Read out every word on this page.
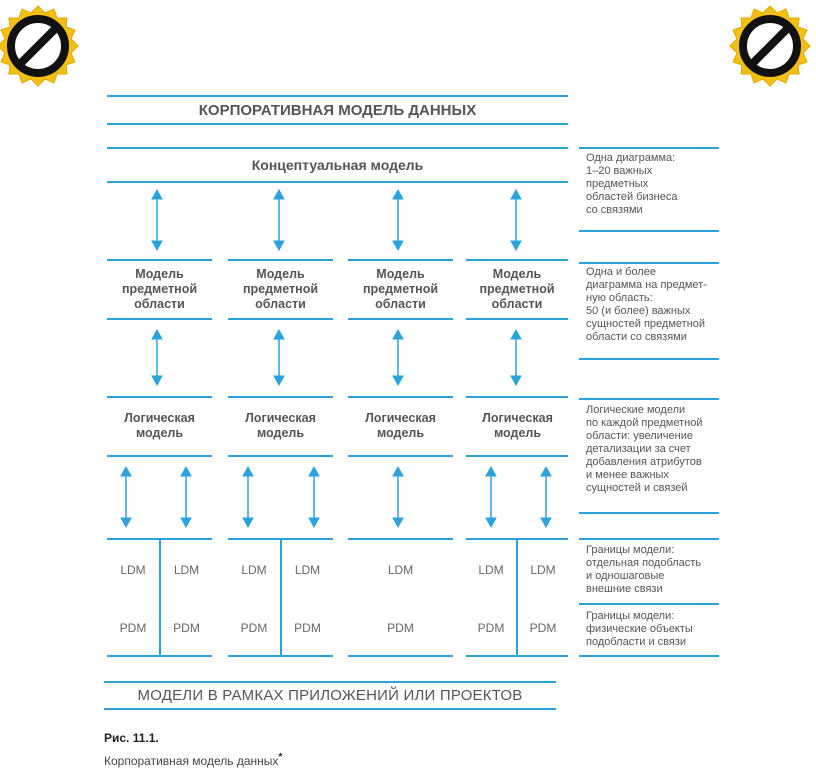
КОРПОРАТИВНАЯ МОДЕЛЬ ДАННЫХ
Концептуальная модель
Модель предметной области
Модель предметной области
Модель предметной области
Модель предметной области
Логическая модель
Логическая модель
Логическая модель
Логическая модель
LDM	LDM	LDM	LDM	LDM	LDM	LDM
PDM	PDM	PDM	PDM	PDM	PDM	PDM
МОДЕЛИ В РАМКАХ ПРИЛОЖЕНИЙ ИЛИ ПРОЕКТОВ
Одна диаграмма:
1–20 важных
предметных
областей бизнеса
со связями
Одна и более
диаграмма на предмет-
ную область:
50 (и более) важных
сущностей предметной
области со связями
Логические модели
по каждой предметной
области: увеличение
детализации за счет
добавления атрибутов
и менее важных
сущностей и связей
Границы модели:
отдельная подобласть
и одношаговые
внешние связи
Границы модели:
физические объекты
подобласти и связи
Рис. 11.1.
Корпоративная модель данных*
